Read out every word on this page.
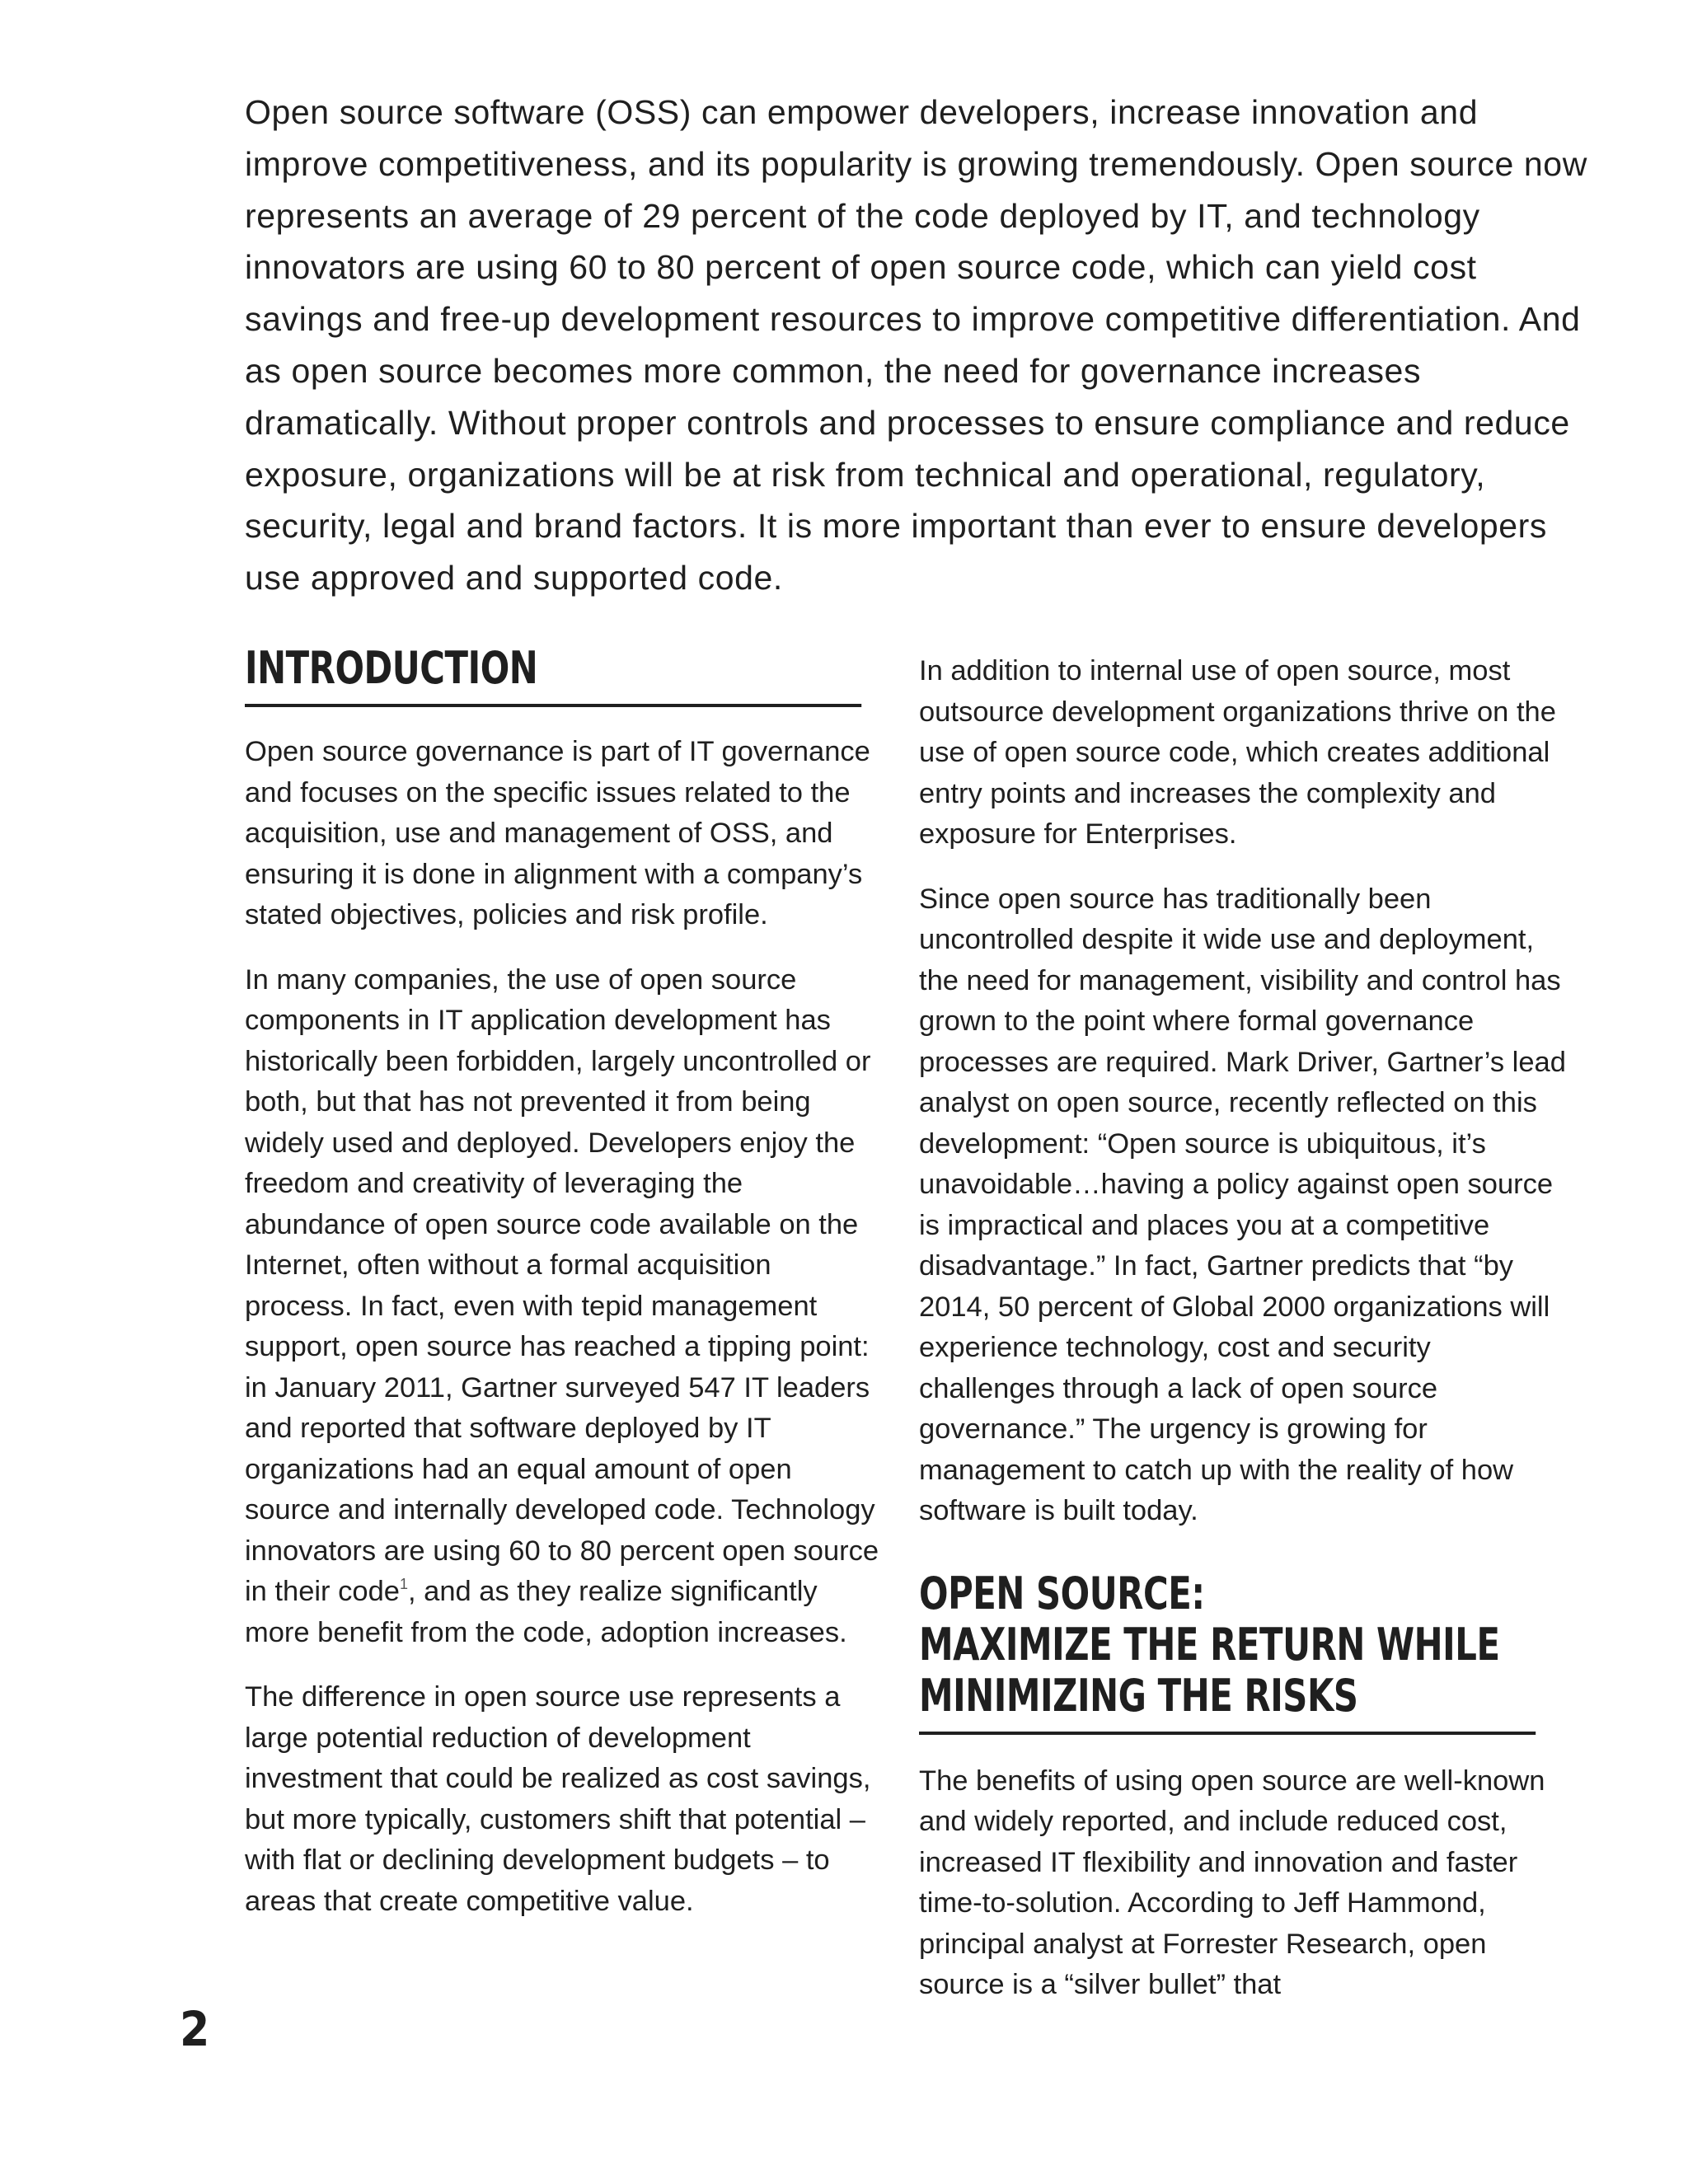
Open source software (OSS) can empower developers, increase innovation and improve competitiveness, and its popularity is growing tremendously. Open source now represents an average of 29 percent of the code deployed by IT, and technology innovators are using 60 to 80 percent of open source code, which can yield cost savings and free-up development resources to improve competitive differentiation. And as open source becomes more common, the need for governance increases dramatically. Without proper controls and processes to ensure compliance and reduce exposure, organizations will be at risk from technical and operational, regulatory, security, legal and brand factors. It is more important than ever to ensure developers use approved and supported code.

INTRODUCTION

Open source governance is part of IT governance and focuses on the specific issues related to the acquisition, use and management of OSS, and ensuring it is done in alignment with a company’s stated objectives, policies and risk profile.

In many companies, the use of open source components in IT application development has historically been forbidden, largely uncontrolled or both, but that has not prevented it from being widely used and deployed. Developers enjoy the freedom and creativity of leveraging the abundance of open source code available on the Internet, often without a formal acquisition process. In fact, even with tepid management support, open source has reached a tipping point: in January 2011, Gartner surveyed 547 IT leaders and reported that software deployed by IT organizations had an equal amount of open source and internally developed code. Technology innovators are using 60 to 80 percent open source in their code$^1$, and as they realize significantly more benefit from the code, adoption increases.

The difference in open source use represents a large potential reduction of development investment that could be realized as cost savings, but more typically, customers shift that potential – with flat or declining development budgets – to areas that create competitive value.

In addition to internal use of open source, most outsource development organizations thrive on the use of open source code, which creates additional entry points and increases the complexity and exposure for Enterprises.

Since open source has traditionally been uncontrolled despite it wide use and deployment, the need for management, visibility and control has grown to the point where formal governance processes are required. Mark Driver, Gartner’s lead analyst on open source, recently reflected on this development: “Open source is ubiquitous, it’s unavoidable…having a policy against open source is impractical and places you at a competitive disadvantage.” In fact, Gartner predicts that “by 2014, 50 percent of Global 2000 organizations will experience technology, cost and security challenges through a lack of open source governance.” The urgency is growing for management to catch up with the reality of how software is built today.

OPEN SOURCE:
MAXIMIZE THE RETURN WHILE
MINIMIZING THE RISKS

The benefits of using open source are well-known and widely reported, and include reduced cost, increased IT flexibility and innovation and faster time-to-solution. According to Jeff Hammond, principal analyst at Forrester Research, open source is a “silver bullet” that

2
